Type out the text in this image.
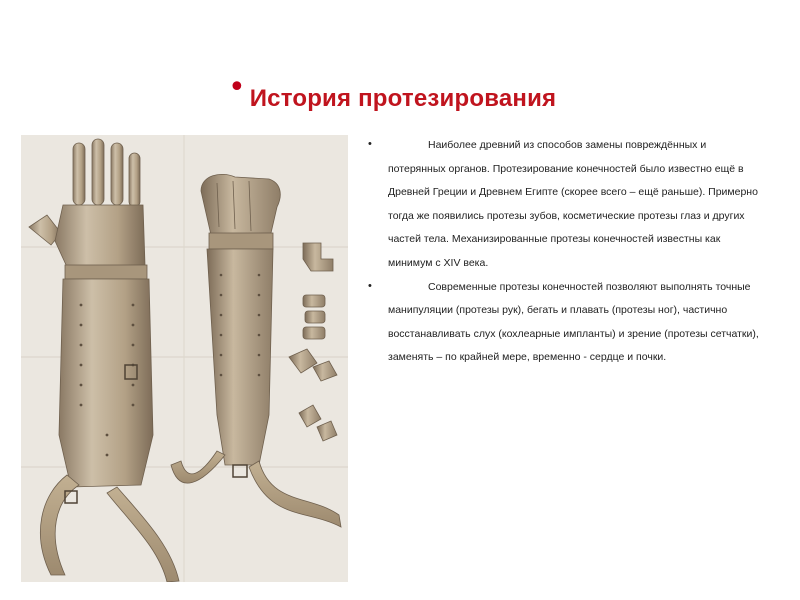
• История протезирования

•	Наиболее древний из способов замены повреждённых и потерянных органов. Протезирование конечностей было известно ещё в Древней Греции и Древнем Египте (скорее всего – ещё раньше). Примерно тогда же появились протезы зубов, косметические протезы глаз и других частей тела. Механизированные протезы конечностей известны как минимум с XIV века.

•	Современные протезы конечностей позволяют выполнять точные манипуляции (протезы рук), бегать и плавать (протезы ног), частично восстанавливать слух (кохлеарные импланты) и зрение (протезы сетчатки), заменять – по крайней мере, временно - сердце и почки.
